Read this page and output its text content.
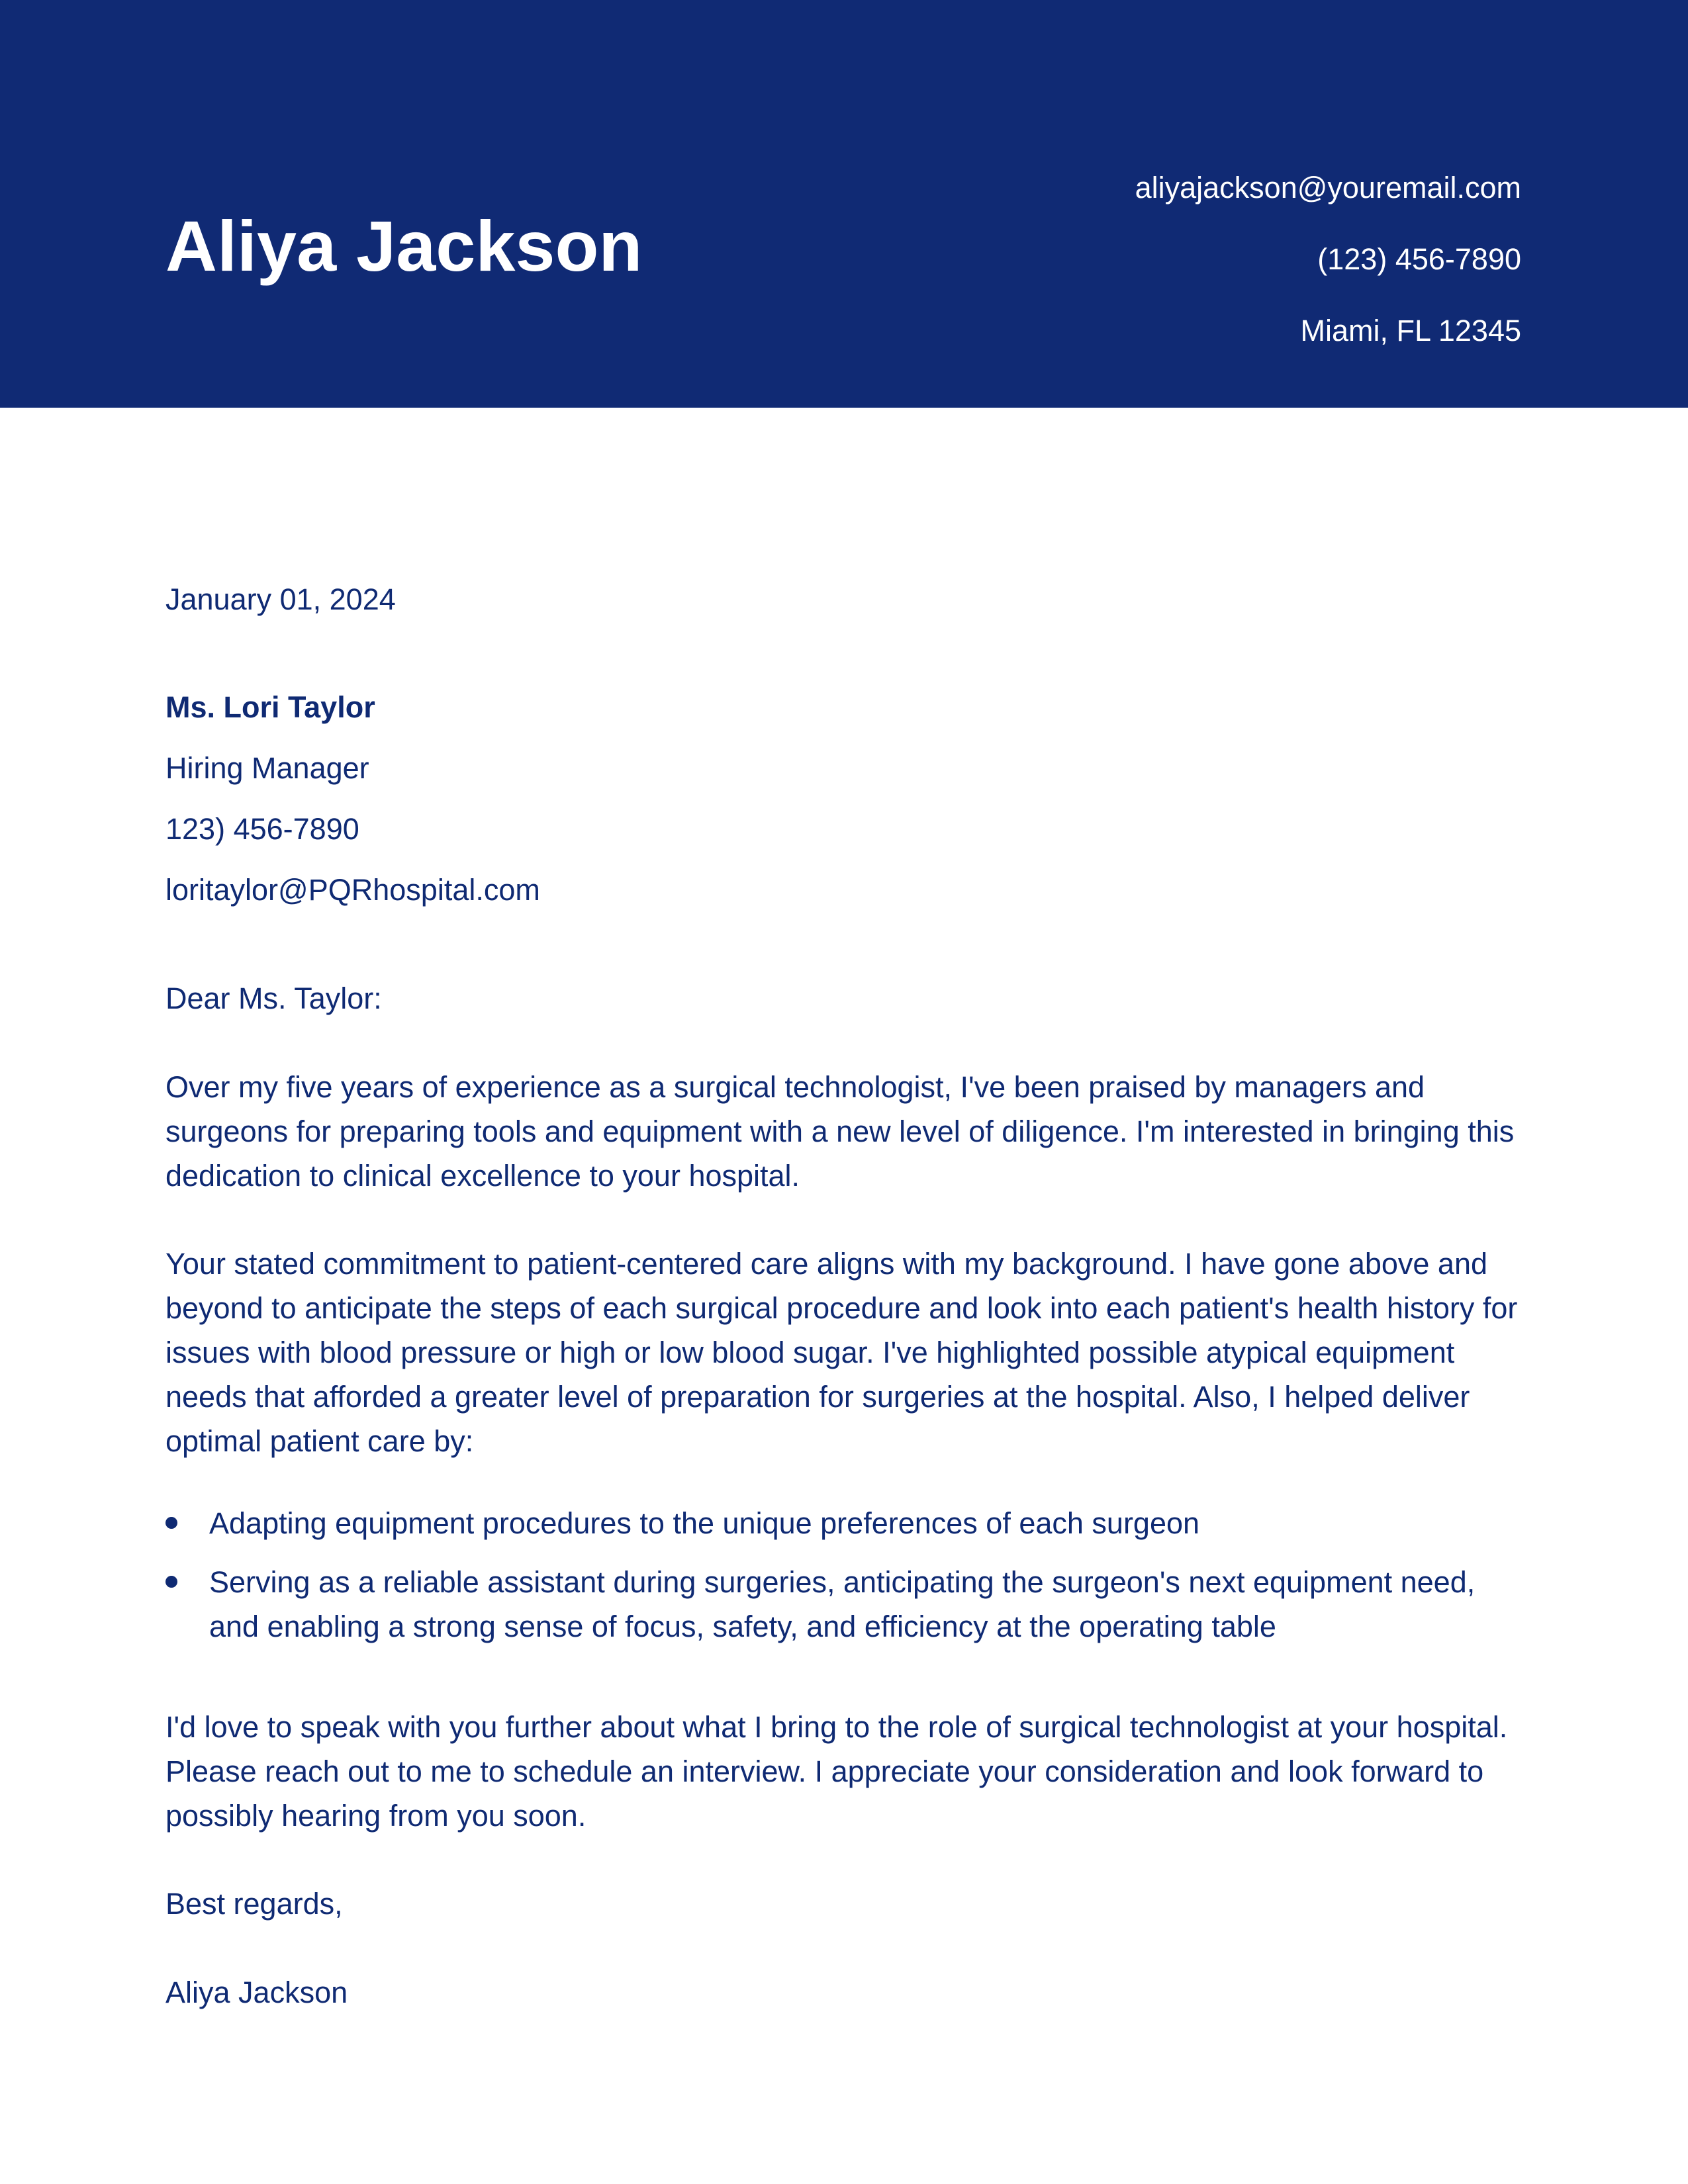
Aliya Jackson
aliyajackson@youremail.com
(123) 456-7890
Miami, FL 12345
January 01, 2024
Ms. Lori Taylor
Hiring Manager
123) 456-7890
loritaylor@PQRhospital.com
Dear Ms. Taylor:

Over my five years of experience as a surgical technologist, I've been praised by managers and surgeons for preparing tools and equipment with a new level of diligence. I'm interested in bringing this dedication to clinical excellence to your hospital.

Your stated commitment to patient-centered care aligns with my background. I have gone above and beyond to anticipate the steps of each surgical procedure and look into each patient's health history for issues with blood pressure or high or low blood sugar. I've highlighted possible atypical equipment needs that afforded a greater level of preparation for surgeries at the hospital. Also, I helped deliver optimal patient care by:

Adapting equipment procedures to the unique preferences of each surgeon
Serving as a reliable assistant during surgeries, anticipating the surgeon's next equipment need, and enabling a strong sense of focus, safety, and efficiency at the operating table

I'd love to speak with you further about what I bring to the role of surgical technologist at your hospital. Please reach out to me to schedule an interview. I appreciate your consideration and look forward to possibly hearing from you soon.

Best regards,
Aliya Jackson
